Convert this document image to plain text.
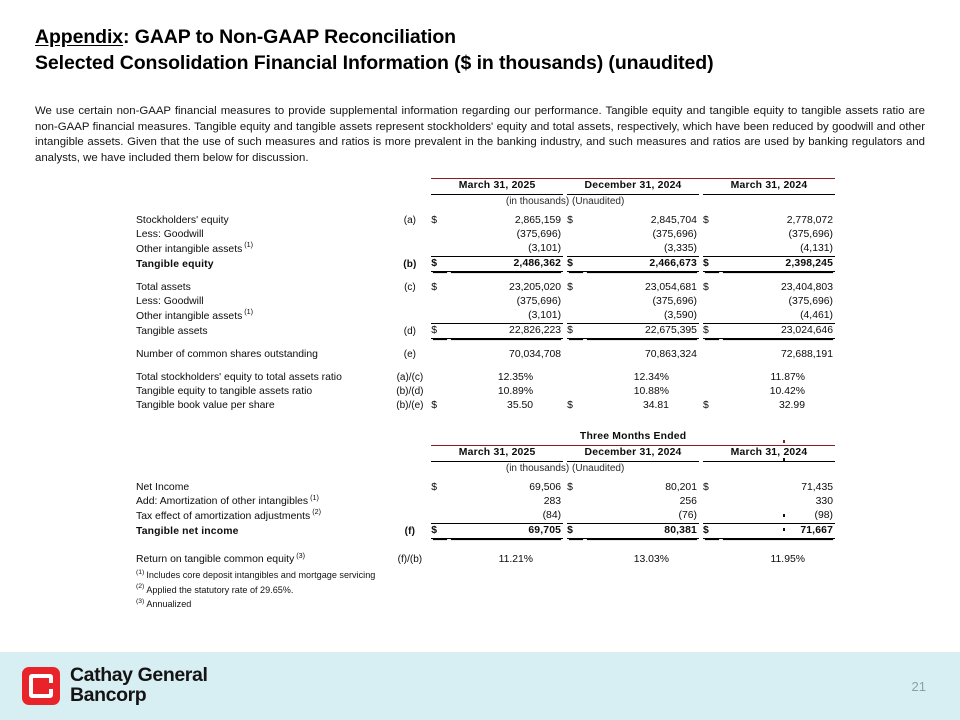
Appendix: GAAP to Non-GAAP Reconciliation
Selected Consolidation Financial Information ($ in thousands) (unaudited)
We use certain non-GAAP financial measures to provide supplemental information regarding our performance. Tangible equity and tangible equity to tangible assets ratio are non-GAAP financial measures. Tangible equity and tangible assets represent stockholders' equity and total assets, respectively, which have been reduced by goodwill and other intangible assets. Given that the use of such measures and ratios is more prevalent in the banking industry, and such measures and ratios are used by banking regulators and analysts, we have included them below for discussion.
		March 31, 2025			December 31, 2024			March 31, 2024	
		(in thousands) (Unaudited)							

Stockholders' equity	(a)	$	2,865,159		$	2,845,704		$	2,778,072
Less: Goodwill			(375,696)			(375,696)			(375,696)
Other intangible assets $^{(1)}$			(3,101)			(3,335)			(4,131)
Tangible equity	(b)	$	2,486,362		$	2,466,673		$	2,398,245

Total assets	(c)	$	23,205,020		$	23,054,681		$	23,404,803
Less: Goodwill			(375,696)			(375,696)			(375,696)
Other intangible assets $^{(1)}$			(3,101)			(3,590)			(4,461)
Tangible assets	(d)	$	22,826,223		$	22,675,395		$	23,024,646

Number of common shares outstanding	(e)		70,034,708			70,863,324			72,688,191

Total stockholders' equity to total assets ratio	(a)/(c)		12.35%			12.34%			11.87%
Tangible equity to tangible assets ratio	(b)/(d)		10.89%			10.88%			10.42%
Tangible book value per share	(b)/(e)	$	35.50		$	34.81		$	32.99
		Three Months Ended							
		March 31, 2025			December 31, 2024			March 31, 2024	
		(in thousands) (Unaudited)							

Net Income		$	69,506		$	80,201		$	71,435
Add: Amortization of other intangibles $^{(1)}$			283			256			330
Tax effect of amortization adjustments $^{(2)}$			(84)			(76)			(98)
Tangible net income	(f)	$	69,705		$	80,381		$	71,667

Return on tangible common equity $^{(3)}$	(f)/(b)		11.21%			13.03%			11.95%
$^{(1)}$ Includes core deposit intangibles and mortgage servicing
$^{(2)}$ Applied the statutory rate of 29.65%.
$^{(3)}$ Annualized
Cathay General
Bancorp	21
